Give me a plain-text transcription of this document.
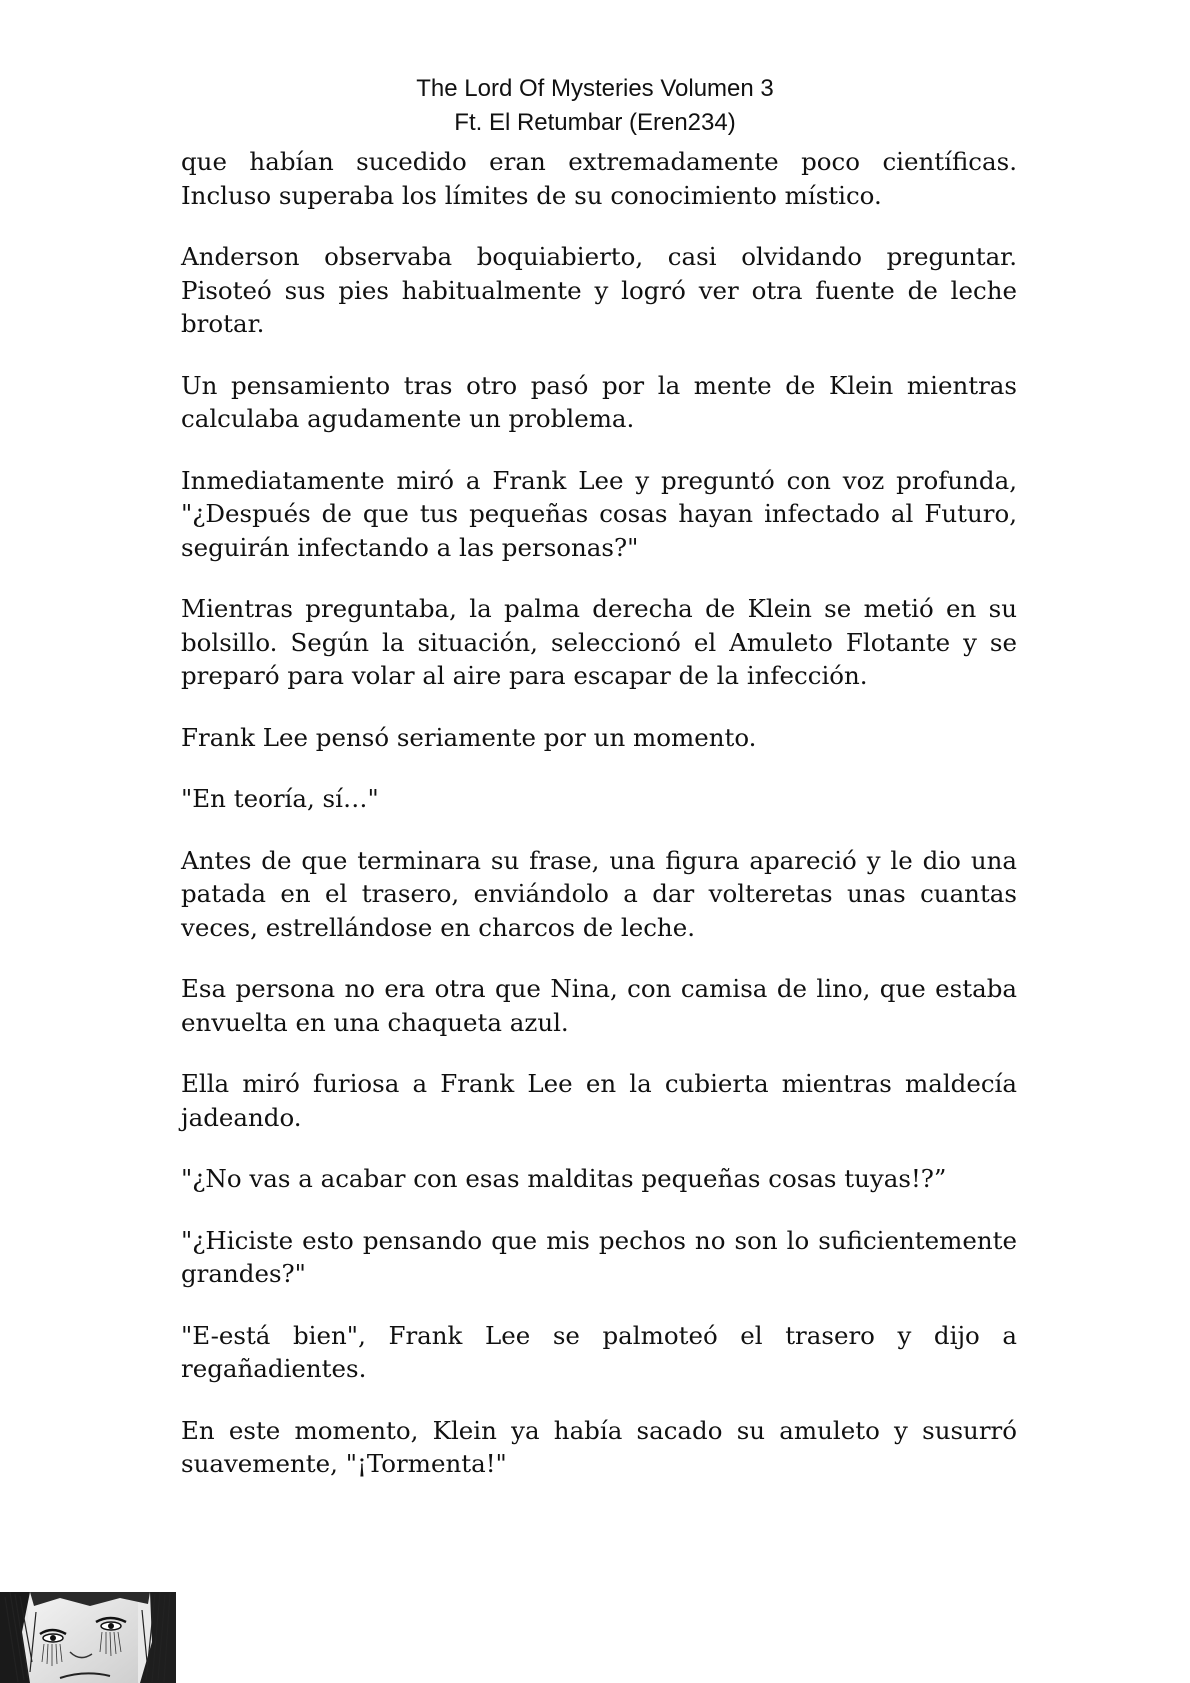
The Lord Of Mysteries Volumen 3
Ft. El Retumbar (Eren234)

que habían sucedido eran extremadamente poco científicas. Incluso superaba los límites de su conocimiento místico.

Anderson observaba boquiabierto, casi olvidando preguntar. Pisoteó sus pies habitualmente y logró ver otra fuente de leche brotar.

Un pensamiento tras otro pasó por la mente de Klein mientras calculaba agudamente un problema.

Inmediatamente miró a Frank Lee y preguntó con voz profunda, "¿Después de que tus pequeñas cosas hayan infectado al Futuro, seguirán infectando a las personas?"

Mientras preguntaba, la palma derecha de Klein se metió en su bolsillo. Según la situación, seleccionó el Amuleto Flotante y se preparó para volar al aire para escapar de la infección.

Frank Lee pensó seriamente por un momento.

"En teoría, sí…"

Antes de que terminara su frase, una figura apareció y le dio una patada en el trasero, enviándolo a dar volteretas unas cuantas veces, estrellándose en charcos de leche.

Esa persona no era otra que Nina, con camisa de lino, que estaba envuelta en una chaqueta azul.

Ella miró furiosa a Frank Lee en la cubierta mientras maldecía jadeando.

"¿No vas a acabar con esas malditas pequeñas cosas tuyas!?”

"¿Hiciste esto pensando que mis pechos no son lo suficientemente grandes?"

"E-está bien", Frank Lee se palmoteó el trasero y dijo a regañadientes.

En este momento, Klein ya había sacado su amuleto y susurró suavemente, "¡Tormenta!"
